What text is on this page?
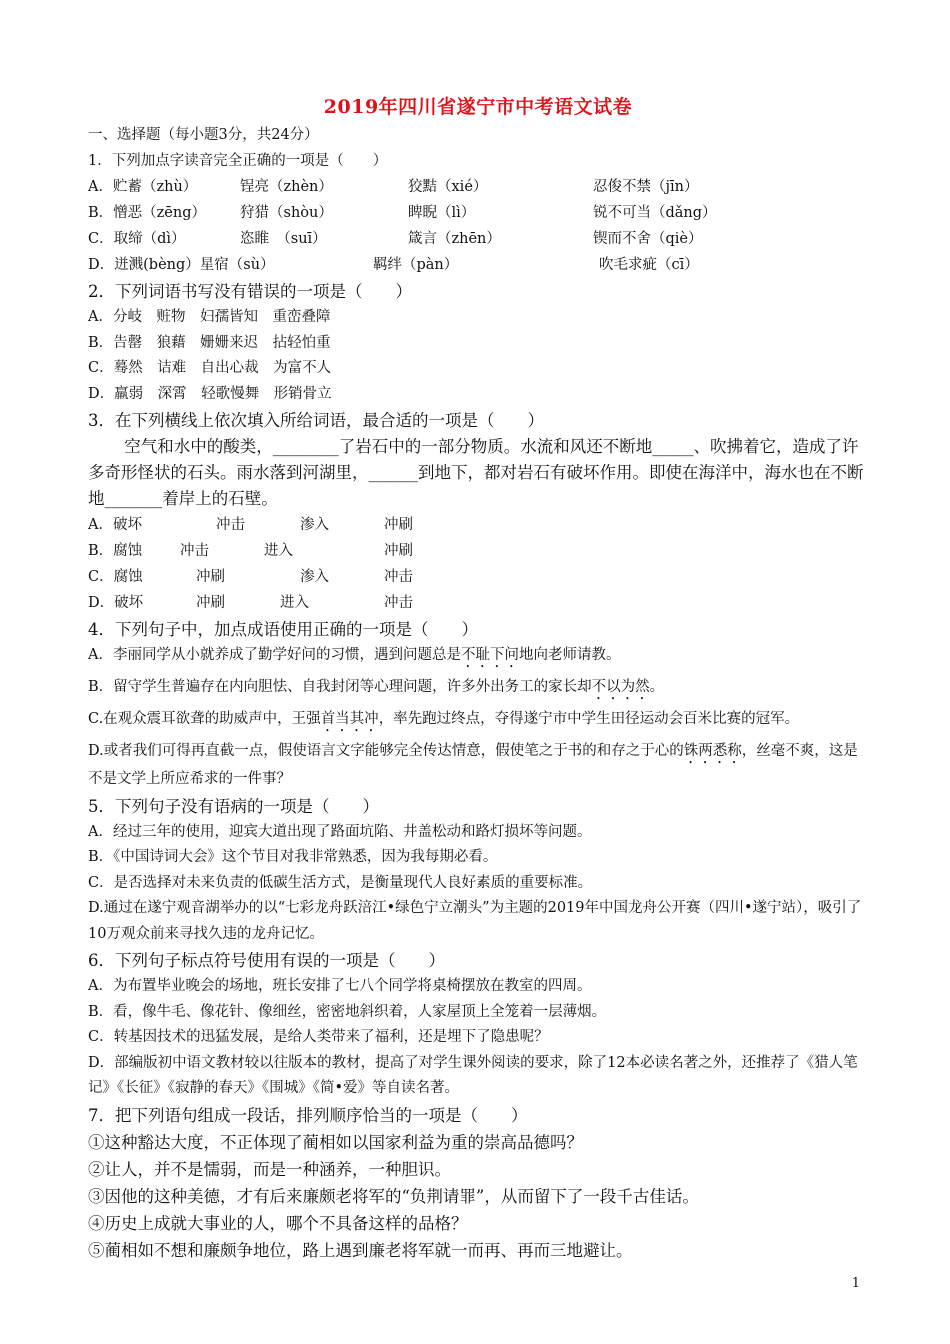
2019年四川省遂宁市中考语文试卷
一、选择题（每小题3分，共24分）
1．下列加点字读音完全正确的一项是（　　）
A．贮蓄（zhù）	锃亮（zhèn）	狡黠（xié）	忍俊不禁（jīn）
B．憎恶（zēng）	狩猎（shòu）	睥睨（lì）	锐不可当（dǎng）
C．取缔（dì）	恣睢　（suī）	箴言（zhēn）	锲而不舍（qiè）
D．迸溅(bèng）星宿（sù）	羁绊（pàn）	吹毛求疵（cī）
2．下列词语书写没有错误的一项是（　　）
A．分岐　 赃物　 妇孺皆知　 重峦叠障
B．告罄　 狼藉　 姗姗来迟　 拈轻怕重
C．蓦然　 诘难　 自出心裁　 为富不人
D．羸弱　 深霄　 轻歌慢舞　 形销骨立
3．在下列横线上依次填入所给词语，最合适的一项是（　　）
空气和水中的酸类，________了岩石中的一部分物质。水流和风还不断地_____、吹拂着它，造成了许多奇形怪状的石头。雨水落到河湖里，______到地下，都对岩石有破坏作用。即使在海洋中，海水也在不断地_______着岸上的石壁。
A．破坏	冲击	渗入	冲刷
B．腐蚀	冲击	进入	冲刷
C．腐蚀	冲刷	渗入	冲击
D．破坏	冲刷	进入	冲击
4．下列句子中，加点成语使用正确的一项是（　　）
A．李丽同学从小就养成了勤学好问的习惯，遇到问题总是不耻下问地向老师请教。
B．留守学生普遍存在内向胆怯、自我封闭等心理问题，许多外出务工的家长却不以为然。
C.在观众震耳欲聋的助威声中，王强首当其冲，率先跑过终点，夺得遂宁市中学生田径运动会百米比赛的冠军。
D.或者我们可得再直截一点，假使语言文字能够完全传达情意，假使笔之于书的和存之于心的铢两悉称，丝毫不爽，这是不是文学上所应希求的一件事？
5．下列句子没有语病的一项是（　　）
A．经过三年的使用，迎宾大道出现了路面坑陷、井盖松动和路灯损坏等问题。
B．《中国诗词大会》这个节目对我非常熟悉，因为我每期必看。
C．是否选择对未来负责的低碳生活方式，是衡量现代人良好素质的重要标准。
D.通过在遂宁观音湖举办的以“七彩龙舟跃涪江•绿色宁立潮头”为主题的2019年中国龙舟公开赛（四川•遂宁站），吸引了10万观众前来寻找久违的龙舟记忆。
6．下列句子标点符号使用有误的一项是（　　）
A．为布置毕业晚会的场地，班长安排了七八个同学将桌椅摆放在教室的四周。
B．看，像牛毛、像花针、像细丝，密密地斜织着，人家屋顶上全笼着一层薄烟。
C．转基因技术的迅猛发展，是给人类带来了福利，还是埋下了隐患呢？
D．部编版初中语文教材较以往版本的教材，提高了对学生课外阅读的要求，除了12本必读名著之外，还推荐了《猎人笔记》《长征》《寂静的春天》《围城》《简•爱》等自读名著。
7．把下列语句组成一段话，排列顺序恰当的一项是（　　）
①这种豁达大度，不正体现了蔺相如以国家利益为重的崇高品德吗？
②让人，并不是懦弱，而是一种涵养，一种胆识。
③因他的这种美德，才有后来廉颇老将军的“负荆请罪”，从而留下了一段千古佳话。
④历史上成就大事业的人，哪个不具备这样的品格？
⑤蔺相如不想和廉颇争地位，路上遇到廉老将军就一而再、再而三地避让。
1
